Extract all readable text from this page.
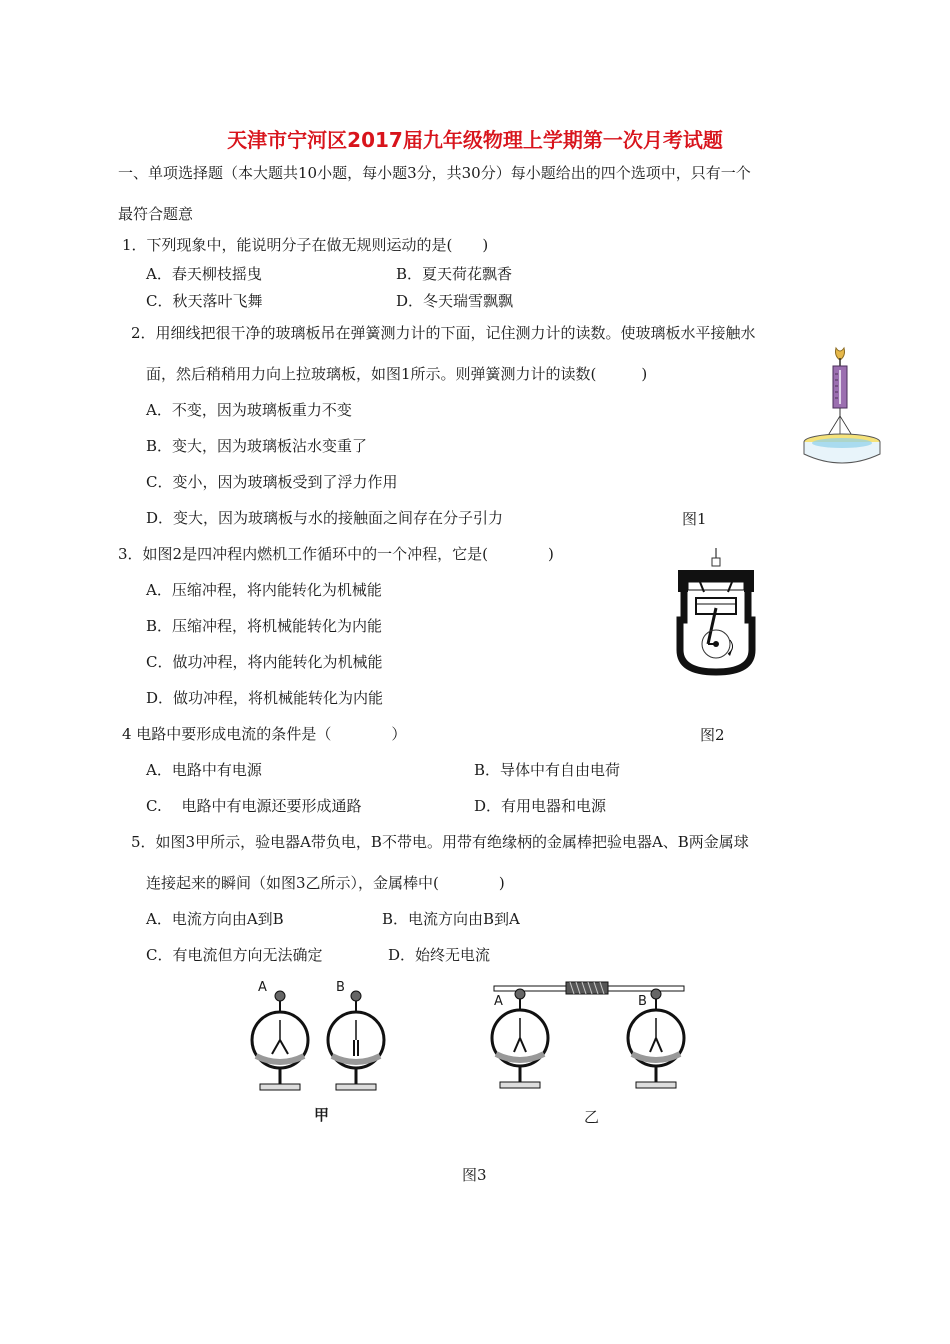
天津市宁河区2017届九年级物理上学期第一次月考试题
一、单项选择题（本大题共10小题，每小题3分，共30分）每小题给出的四个选项中，只有一个
最符合题意
1．下列现象中，能说明分子在做无规则运动的是(　　)
A．春天柳枝摇曳	B．夏天荷花飘香
C．秋天落叶飞舞	D．冬天瑞雪飘飘
2．用细线把很干净的玻璃板吊在弹簧测力计的下面，记住测力计的读数。使玻璃板水平接触水
面，然后稍稍用力向上拉玻璃板，如图1所示。则弹簧测力计的读数(　　　)
A．不变，因为玻璃板重力不变
B．变大，因为玻璃板沾水变重了
C．变小，因为玻璃板受到了浮力作用
D．变大，因为玻璃板与水的接触面之间存在分子引力	图1
3．如图2是四冲程内燃机工作循环中的一个冲程，它是(　　　　)
A．压缩冲程，将内能转化为机械能
B．压缩冲程，将机械能转化为内能
C．做功冲程，将内能转化为机械能
D．做功冲程，将机械能转化为内能
图2
4 电路中要形成电流的条件是（　　　　）
A．电路中有电源	B．导体中有自由电荷
C.　 电路中有电源还要形成通路	D．有用电器和电源
5．如图3甲所示，验电器A带负电，B不带电。用带有绝缘柄的金属棒把验电器A、B两金属球
连接起来的瞬间（如图3乙所示），金属棒中(　　　　)
A．电流方向由A到B	B．电流方向由B到A
C．有电流但方向无法确定	D．始终无电流
A	B
甲
A	B
乙
图3
